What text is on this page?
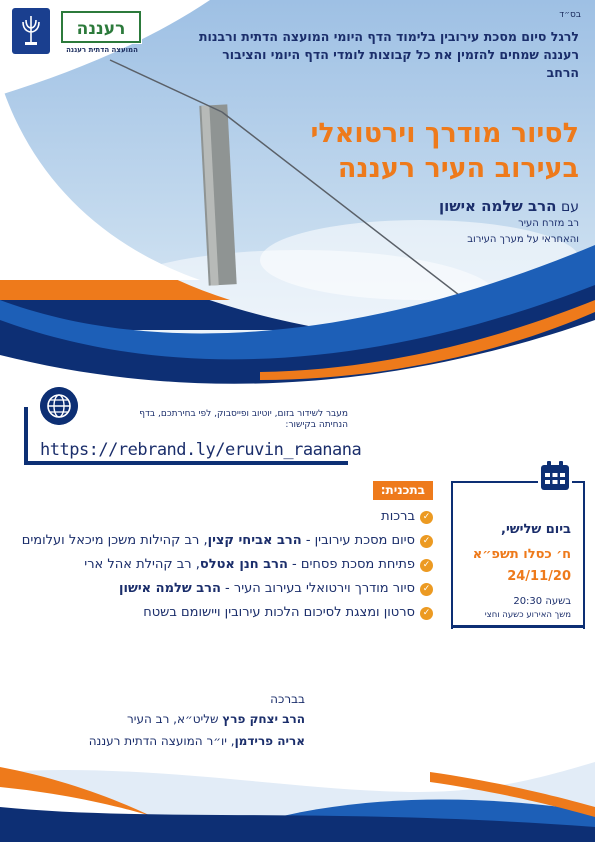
בס״ד
משרד
רעננה
המועצה הדתית רעננה
לרגל סיום מסכת עירובין בלימוד הדף היומי המועצה הדתית ורבנות רעננה שמחים להזמין את כל קבוצות לומדי הדף היומי והציבור הרחב
לסיור מודרך וירטואלי
בעירוב העיר רעננה
עם הרב שלמה אישון
רב מזרח העיר
והאחראי על מערך העירוב
מעבר לשידור בזום, יוטיוב ופייסבוק, לפי בחירתכם, בדף הנחיתה בקישור:
https://rebrand.ly/eruvin_raanana
ביום שלישי,
ח׳ כסלו תשפ״א
24/11/20
בשעה 20:30
משך האירוע כשעה וחצי
בתכנית:
✓
ברכות
✓
סיום מסכת עירובין - הרב אביחי קצין, רב קהילות משכן מיכאל ועלומים
✓
פתיחת מסכת פסחים - הרב חנן אטלס, רב קהילת אהל ארי
✓
סיור מודרך וירטואלי בעירוב העיר - הרב שלמה אישון
✓
סרטון ומצגת לסיכום הלכות עירובין ויישומם בשטח
בברכה
הרב יצחק פרץ שליט״א, רב העיר
אריה פרידמן, יו״ר המועצה הדתית רעננה
